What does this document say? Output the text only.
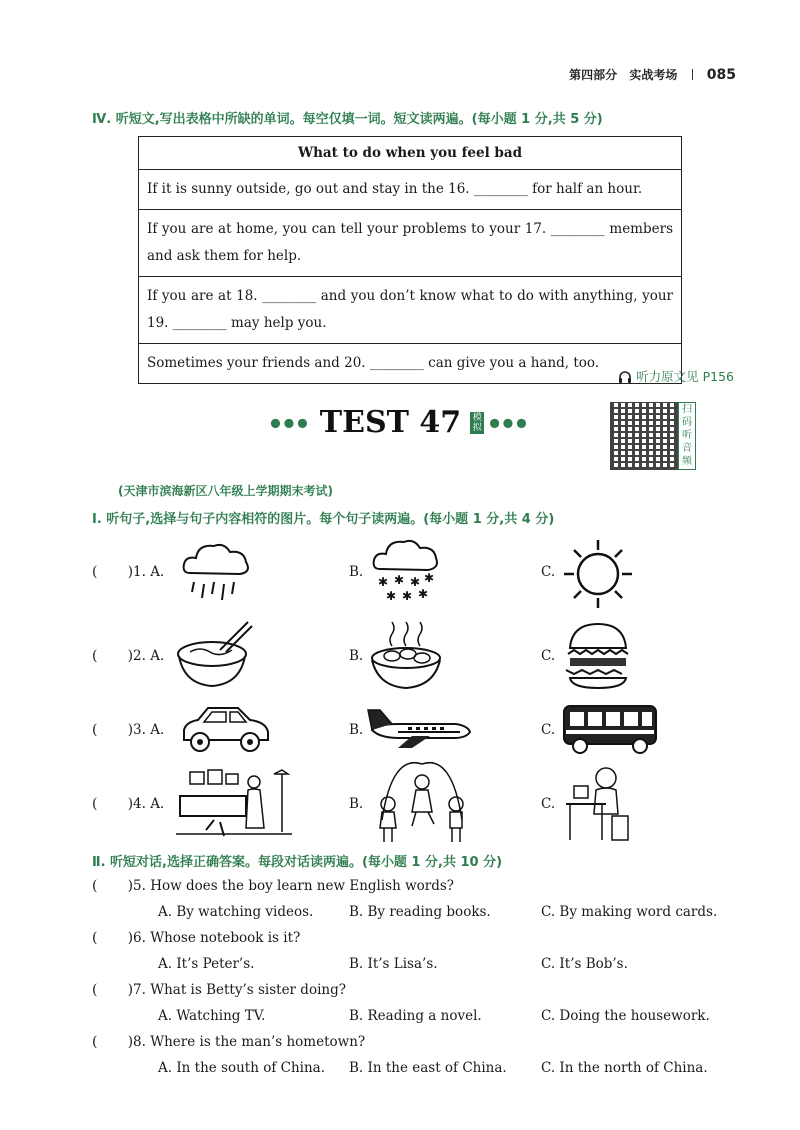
第四部分 实战考场 085
Ⅳ. 听短文,写出表格中所缺的单词。每空仅填一词。短文读两遍。(每小题 1 分,共 5 分)
What to do when you feel bad
If it is sunny outside, go out and stay in the 16. ________ for half an hour.
If you are at home, you can tell your problems to your 17. ________ members and ask them for help.
If you are at 18. ________ and you don’t know what to do with anything, your 19. ________ may help you.
Sometimes your friends and 20. ________ can give you a hand, too.
听力原文见 P156
●●● TEST 47 模拟 ●●●
扫码听音频
(天津市滨海新区八年级上学期期末考试)
Ⅰ. 听句子,选择与句子内容相符的图片。每个句子读两遍。(每小题 1 分,共 4 分)
( )1. A.	B.	C.
✱ ✱ ✱ ✱
✱ ✱ ✱
( )2. A.	B.	C.
( )3. A.	B.	C.
( )4. A.	B.	C.
Ⅱ. 听短对话,选择正确答案。每段对话读两遍。(每小题 1 分,共 10 分)
( )5. How does the boy learn new English words?
A. By watching videos.	B. By reading books.	C. By making word cards.
( )6. Whose notebook is it?
A. It’s Peter’s.	B. It’s Lisa’s.	C. It’s Bob’s.
( )7. What is Betty’s sister doing?
A. Watching TV.	B. Reading a novel.	C. Doing the housework.
( )8. Where is the man’s hometown?
A. In the south of China. B. In the east of China.	C. In the north of China.
